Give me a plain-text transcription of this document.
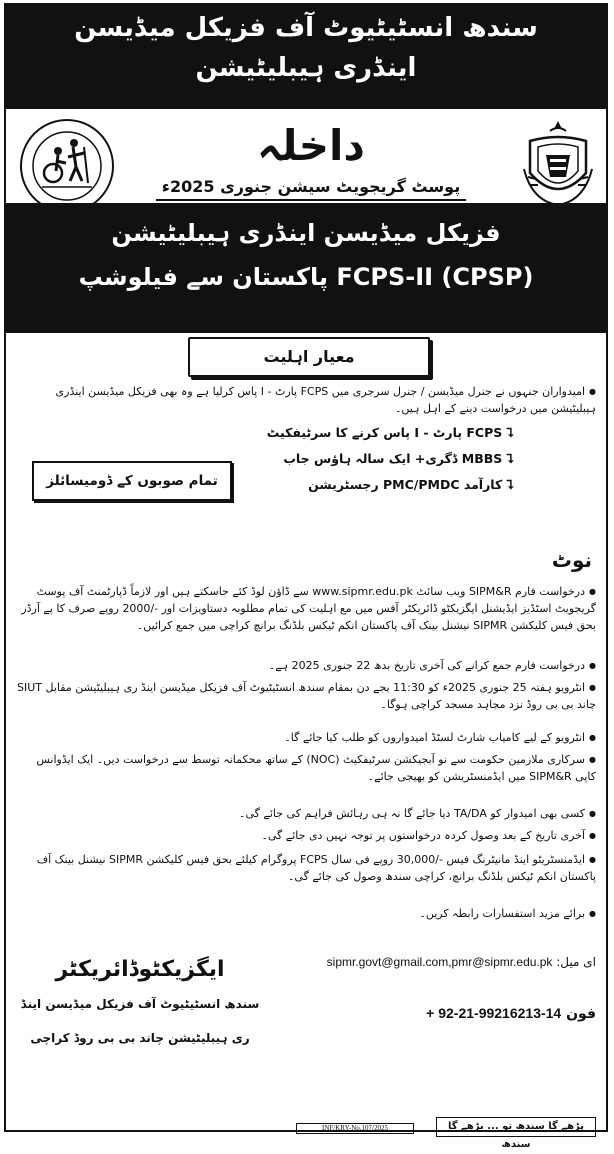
سندھ انسٹیٹیوٹ آف فزیکل میڈیسن
اینڈری ہیبلیٹیشن
داخلہ
پوسٹ گریجویٹ سیشن جنوری 2025ء
فزیکل میڈیسن اینڈری ہیبلیٹیشن
FCPS-II (CPSP) پاکستان سے فیلوشپ
معیار اہلیت
● امیدواران جنہوں نے جنرل میڈیسن / جنرل سرجری میں FCPS پارٹ - I پاس کرلیا ہے وہ بھی فزیکل میڈیسن اینڈری ہیبلیٹیشن میں درخواست دینے کے اہل ہیں۔
⮧ FCPS پارٹ - I پاس کرنے کا سرٹیفکیٹ
⮧ MBBS ڈگری+ ایک سالہ ہاؤس جاب
⮧ کارآمد PMC/PMDC رجسٹریشن
تمام صوبوں کے ڈومیسائلز
نوٹ
● درخواست فارم SIPM&R ویب سائٹ www.sipmr.edu.pk سے ڈاؤن لوڈ کئے جاسکتے ہیں اور لازماً ڈپارٹمنٹ آف پوسٹ گریجویٹ اسٹڈیز ایڈیشنل ایگزیکٹو ڈائریکٹر آفس میں مع اہلیت کی تمام مطلوبہ دستاویزات اور -/2000 روپے صرف کا پے آرڈر بحق فیس کلیکشن SIPMR نیشنل بینک آف پاکستان انکم ٹیکس بلڈنگ برانچ کراچی میں جمع کرائیں۔
● درخواست فارم جمع کرانے کی آخری تاریخ بدھ 22 جنوری 2025 ہے۔
● انٹرویو ہفتہ 25 جنوری 2025ء کو 11:30 بجے دن بمقام سندھ انسٹیٹیوٹ آف فزیکل میڈیسن اینڈ ری ہیبلیٹیشن مقابل SIUT چاند بی بی روڈ نزد مجاہد مسجد کراچی ہوگا۔
● انٹرویو کے لیے کامیاب شارٹ لسٹڈ امیدواروں کو طلب کیا جائے گا۔
● سرکاری ملازمین حکومت سے نو آبجیکشن سرٹیفکیٹ (NOC) کے ساتھ محکمانہ توسط سے درخواست دیں۔ ایک ایڈوانس کاپی SIPM&R میں ایڈمنسٹریشن کو بھیجی جائے۔
● کسی بھی امیدوار کو TA/DA دیا جائے گا نہ ہی رہائش فراہم کی جائے گی۔
● آخری تاریخ کے بعد وصول کردہ درخواستوں پر توجہ نہیں دی جائے گی۔
● ایڈمنسٹریٹو اینڈ مانیٹرنگ فیس -/30,000 روپے فی سال FCPS پروگرام کیلئے بحق فیس کلیکشن SIPMR نیشنل بینک آف پاکستان انکم ٹیکس بلڈنگ برانچ، کراچی سندھ وصول کی جائے گی۔
● برائے مزید استفسارات رابطہ کریں۔
ای میل: sipmr.govt@gmail.com,pmr@sipmr.edu.pk
فون + 92-21-99216213-14
ایگزیکٹوڈائریکٹر
سندھ انسٹیٹیوٹ آف فزیکل میڈیسن اینڈ
ری ہیبلیٹیشن چاند بی بی روڈ کراچی
INF/KRY-No.107/2025	پڑھے گا سندھ تو ... بڑھے گا سندھ
